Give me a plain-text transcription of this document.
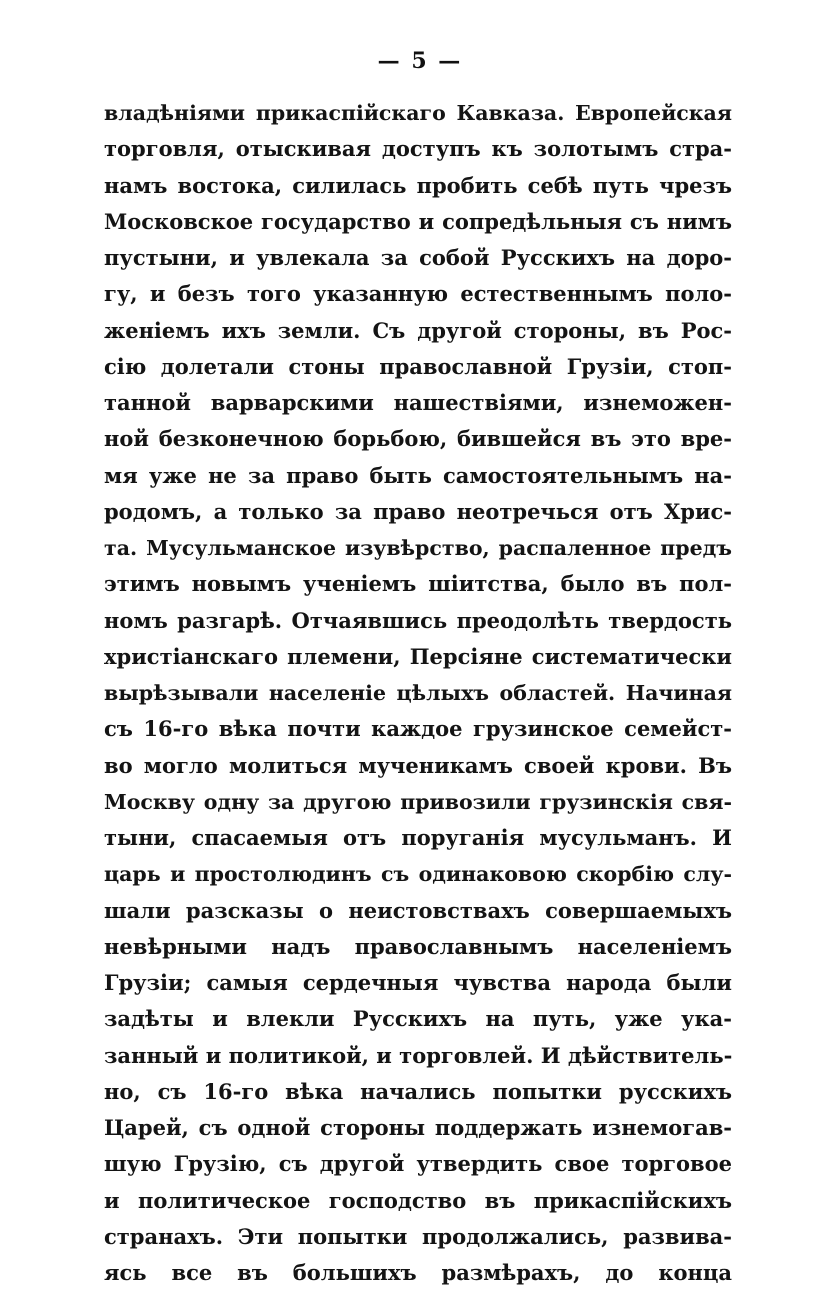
— 5 —
владѣніями прикаспійскаго Кавказа. Европейская
торговля, отыскивая доступъ къ золотымъ стра-
намъ востока, силилась пробить себѣ путь чрезъ
Московское государство и сопредѣльныя съ нимъ
пустыни, и увлекала за собой Русскихъ на доро-
гу, и безъ того указанную естественнымъ поло-
женіемъ ихъ земли. Съ другой стороны, въ Рос-
сію долетали стоны православной Грузіи, стоп-
танной варварскими нашествіями, изнеможен-
ной безконечною борьбою, бившейся въ это вре-
мя уже не за право быть самостоятельнымъ на-
родомъ, а только за право неотречься отъ Хрис-
та. Мусульманское изувѣрство, распаленное предъ
этимъ новымъ ученіемъ шіитства, было въ пол-
номъ разгарѣ. Отчаявшись преодолѣть твердость
христіанскаго племени, Персіяне систематически
вырѣзывали населеніе цѣлыхъ областей. Начиная
съ 16-го вѣка почти каждое грузинское семейст-
во могло молиться мученикамъ своей крови. Въ
Москву одну за другою привозили грузинскія свя-
тыни, спасаемыя отъ поруганія мусульманъ. И
царь и простолюдинъ съ одинаковою скорбію слу-
шали разсказы о неистовствахъ совершаемыхъ
невѣрными надъ православнымъ населеніемъ
Грузіи; самыя сердечныя чувства народа были
задѣты и влекли Русскихъ на путь, уже ука-
занный и политикой, и торговлей. И дѣйствитель-
но, съ 16-го вѣка начались попытки русскихъ
Царей, съ одной стороны поддержать изнемогав-
шую Грузію, съ другой утвердить свое торговое
и политическое господство въ прикаспійскихъ
странахъ. Эти попытки продолжались, развива-
ясь все въ большихъ размѣрахъ, до конца
